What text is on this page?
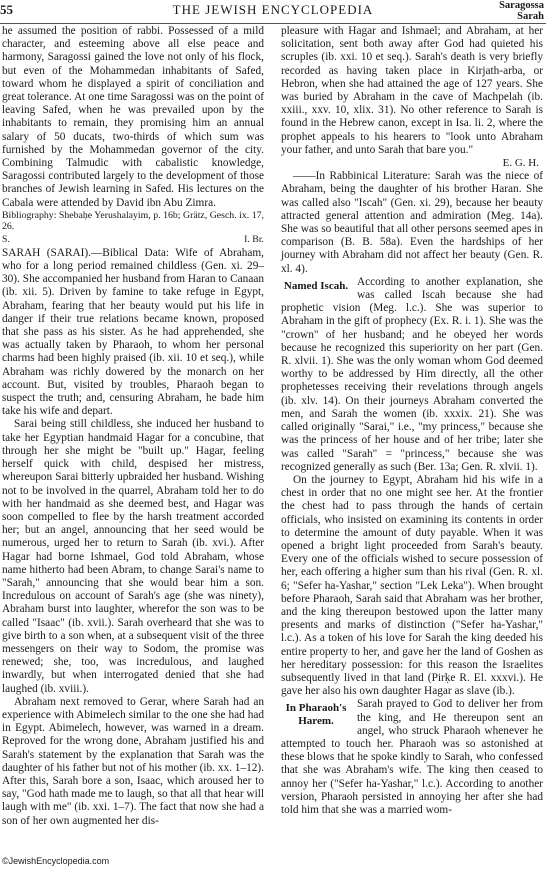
55	THE JEWISH ENCYCLOPEDIA	Saragossa
Sarah

he assumed the position of rabbi. Possessed of a mild character, and esteeming above all else peace and harmony, Saragossi gained the love not only of his flock, but even of the Mohammedan inhabitants of Safed, toward whom he displayed a spirit of conciliation and great tolerance. At one time Saragossi was on the point of leaving Safed, when he was prevailed upon by the inhabitants to remain, they promising him an annual salary of 50 ducats, two-thirds of which sum was furnished by the Mohammedan governor of the city. Combining Talmudic with cabalistic knowledge, Saragossi contributed largely to the development of those branches of Jewish learning in Safed. His lectures on the Cabala were attended by David ibn Abu Zimra.

Bibliography: Shebaḥe Yerushalayim, p. 16b; Grätz, Gesch. ix. 17, 26.

S.	I. Br.

SARAH (SARAI).—Biblical Data: Wife of Abraham, who for a long period remained childless (Gen. xi. 29–30). She accompanied her husband from Haran to Canaan (ib. xii. 5). Driven by famine to take refuge in Egypt, Abraham, fearing that her beauty would put his life in danger if their true relations became known, proposed that she pass as his sister. As he had apprehended, she was actually taken by Pharaoh, to whom her personal charms had been highly praised (ib. xii. 10 et seq.), while Abraham was richly dowered by the monarch on her account. But, visited by troubles, Pharaoh began to suspect the truth; and, censuring Abraham, he bade him take his wife and depart.

Sarai being still childless, she induced her husband to take her Egyptian handmaid Hagar for a concubine, that through her she might be "built up." Hagar, feeling herself quick with child, despised her mistress, whereupon Sarai bitterly upbraided her husband. Wishing not to be involved in the quarrel, Abraham told her to do with her handmaid as she deemed best, and Hagar was soon compelled to flee by the harsh treatment accorded her; but an angel, announcing that her seed would be numerous, urged her to return to Sarah (ib. xvi.). After Hagar had borne Ishmael, God told Abraham, whose name hitherto had been Abram, to change Sarai's name to "Sarah," announcing that she would bear him a son. Incredulous on account of Sarah's age (she was ninety), Abraham burst into laughter, wherefor the son was to be called "Isaac" (ib. xvii.). Sarah overheard that she was to give birth to a son when, at a subsequent visit of the three messengers on their way to Sodom, the promise was renewed; she, too, was incredulous, and laughed inwardly, but when interrogated denied that she had laughed (ib. xviii.).

Abraham next removed to Gerar, where Sarah had an experience with Abimelech similar to the one she had had in Egypt. Abimelech, however, was warned in a dream. Reproved for the wrong done, Abraham justified his and Sarah's statement by the explanation that Sarah was the daughter of his father but not of his mother (ib. xx. 1–12). After this, Sarah bore a son, Isaac, which aroused her to say, "God hath made me to laugh, so that all that hear will laugh with me" (ib. xxi. 1–7). The fact that now she had a son of her own augmented her dis-

pleasure with Hagar and Ishmael; and Abraham, at her solicitation, sent both away after God had quieted his scruples (ib. xxi. 10 et seq.). Sarah's death is very briefly recorded as having taken place in Kirjath-arba, or Hebron, when she had attained the age of 127 years. She was buried by Abraham in the cave of Machpelah (ib. xxiii., xxv. 10, xlix. 31). No other reference to Sarah is found in the Hebrew canon, except in Isa. li. 2, where the prophet appeals to his hearers to "look unto Abraham your father, and unto Sarah that bare you."

E. G. H.

——In Rabbinical Literature: Sarah was the niece of Abraham, being the daughter of his brother Haran. She was called also "Iscah" (Gen. xi. 29), because her beauty attracted general attention and admiration (Meg. 14a). She was so beautiful that all other persons seemed apes in comparison (B. B. 58a). Even the hardships of her journey with Abraham did not affect her beauty (Gen. R. xl. 4).

Named Iscah. According to another explanation, she was called Iscah because she had prophetic vision (Meg. l.c.). She was superior to Abraham in the gift of prophecy (Ex. R. i. 1). She was the "crown" of her husband; and he obeyed her words because he recognized this superiority on her part (Gen. R. xlvii. 1). She was the only woman whom God deemed worthy to be addressed by Him directly, all the other prophetesses receiving their revelations through angels (ib. xlv. 14). On their journeys Abraham converted the men, and Sarah the women (ib. xxxix. 21). She was called originally "Sarai," i.e., "my princess," because she was the princess of her house and of her tribe; later she was called "Sarah" = "princess," because she was recognized generally as such (Ber. 13a; Gen. R. xlvii. 1).

On the journey to Egypt, Abraham hid his wife in a chest in order that no one might see her. At the frontier the chest had to pass through the hands of certain officials, who insisted on examining its contents in order to determine the amount of duty payable. When it was opened a bright light proceeded from Sarah's beauty. Every one of the officials wished to secure possession of her, each offering a higher sum than his rival (Gen. R. xl. 6; "Sefer ha-Yashar," section "Lek Leka"). When brought before Pharaoh, Sarah said that Abraham was her brother, and the king thereupon bestowed upon the latter many presents and marks of distinction ("Sefer ha-Yashar," l.c.). As a token of his love for Sarah the king deeded his entire property to her, and gave her the land of Goshen as her hereditary possession: for this reason the Israelites subsequently lived in that land (Pirḳe R. El. xxxvi.). He gave her also his own daughter Hagar as slave (ib.).

In Pharaoh's Harem.

Sarah prayed to God to deliver her from the king, and He thereupon sent an angel, who struck Pharaoh whenever he attempted to touch her. Pharaoh was so astonished at these blows that he spoke kindly to Sarah, who confessed that she was Abraham's wife. The king then ceased to annoy her ("Sefer ha-Yashar," l.c.). According to another version, Pharaoh persisted in annoying her after she had told him that she was a married wom-

©JewishEncyclopedia.com
